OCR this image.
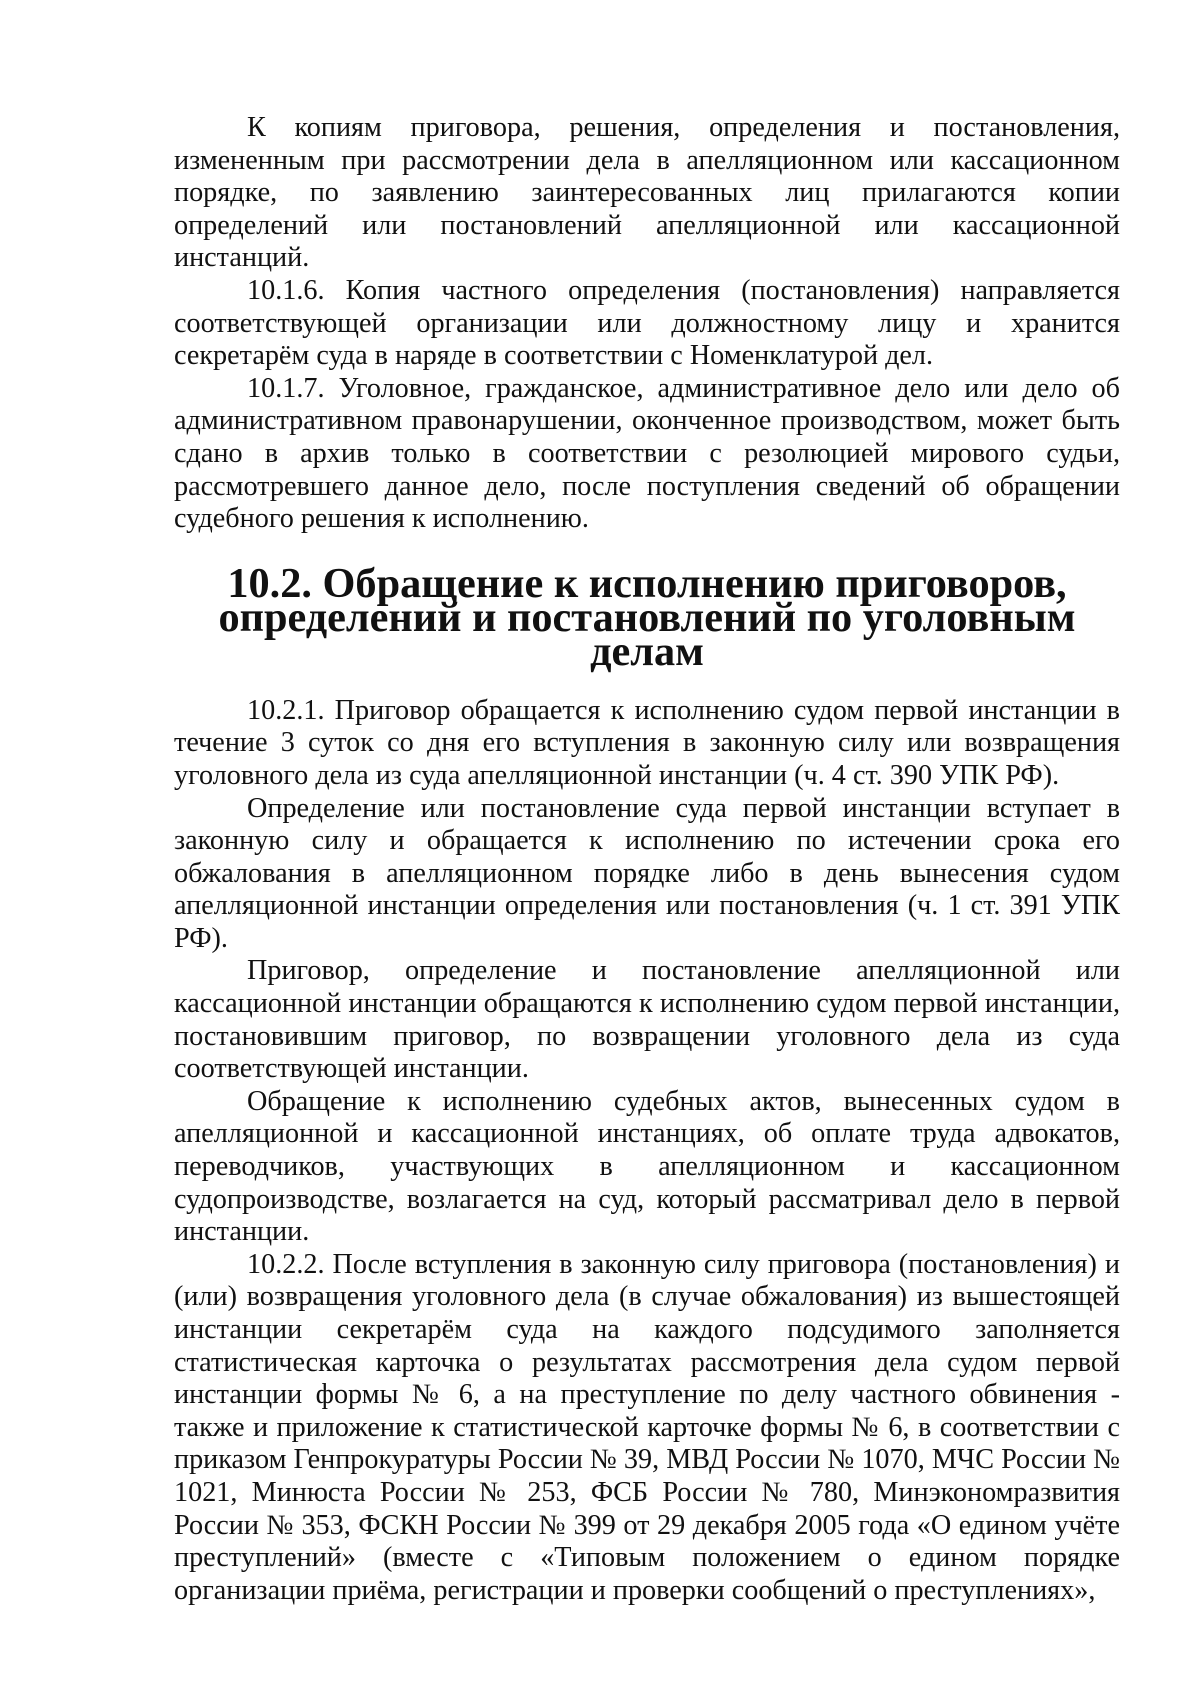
К копиям приговора, решения, определения и постановления, измененным при рассмотрении дела в апелляционном или кассационном порядке, по заявлению заинтересованных лиц прилагаются копии определений или постановлений апелляционной или кассационной инстанций.

10.1.6. Копия частного определения (постановления) направляется соответствующей организации или должностному лицу и хранится секретарём суда в наряде в соответствии с Номенклатурой дел.

10.1.7. Уголовное, гражданское, административное дело или дело об административном правонарушении, оконченное производством, может быть сдано в архив только в соответствии с резолюцией мирового судьи, рассмотревшего данное дело, после поступления сведений об обращении судебного решения к исполнению.

10.2. Обращение к исполнению приговоров,
определений и постановлений по уголовным делам

10.2.1. Приговор обращается к исполнению судом первой инстанции в течение 3 суток со дня его вступления в законную силу или возвращения уголовного дела из суда апелляционной инстанции (ч. 4 ст. 390 УПК РФ).

Определение или постановление суда первой инстанции вступает в законную силу и обращается к исполнению по истечении срока его обжалования в апелляционном порядке либо в день вынесения судом апелляционной инстанции определения или постановления (ч. 1 ст. 391 УПК РФ).

Приговор, определение и постановление апелляционной или кассационной инстанции обращаются к исполнению судом первой инстанции, постановившим приговор, по возвращении уголовного дела из суда соответствующей инстанции.

Обращение к исполнению судебных актов, вынесенных судом в апелляционной и кассационной инстанциях, об оплате труда адвокатов, переводчиков, участвующих в апелляционном и кассационном судопроизводстве, возлагается на суд, который рассматривал дело в первой инстанции.

10.2.2. После вступления в законную силу приговора (постановления) и (или) возвращения уголовного дела (в случае обжалования) из вышестоящей инстанции секретарём суда на каждого подсудимого заполняется статистическая карточка о результатах рассмотрения дела судом первой инстанции формы № 6, а на преступление по делу частного обвинения - также и приложение к статистической карточке формы № 6, в соответствии с приказом Генпрокуратуры России № 39, МВД России № 1070, МЧС России № 1021, Минюста России № 253, ФСБ России № 780, Минэкономразвития России № 353, ФСКН России № 399 от 29 декабря 2005 года «О едином учёте преступлений» (вместе с «Типовым положением о едином порядке организации приёма, регистрации и проверки сообщений о преступлениях»,
